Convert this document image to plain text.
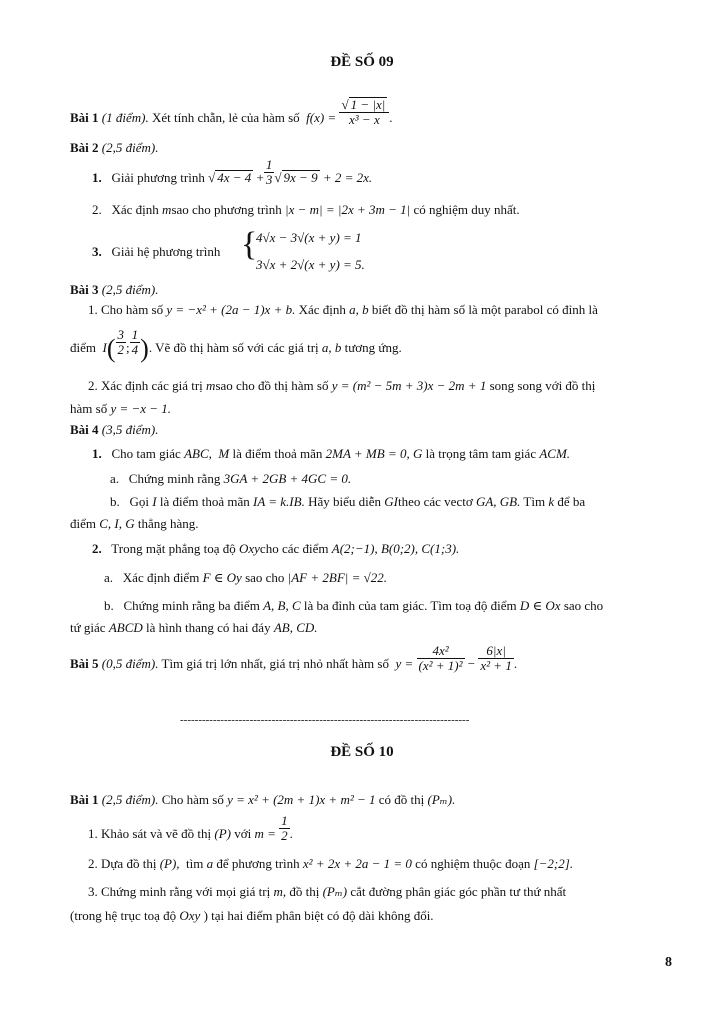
ĐỀ SỐ 09
Bài 1 (1 điểm). Xét tính chẵn, lẻ của hàm số $f(x) = \frac{√ 1 - |x|}{\text{x³ − x}}$ .
Bài 2 (2,5 điểm).
1. Giải phương trình √ $4x - 4 + \frac{1}{3}$ √ 9x − 9 + 2 = 2x.
2. Xác định msao cho phương trình |x − m| = |2x + 3m − 1| có nghiệm duy nhất.
3. Giải hệ phương trình {
4√x − 3√(x + y) = 1
3√x + 2√(x + y) = 5.
Bài 3 (2,5 điểm).
1. Cho hàm số y = −x² + (2a − 1)x + b. Xác định a, b biết đồ thị hàm số là một parabol có đỉnh là
điểm $I( \frac{3}{2}$ ; $\frac{1}{4}$ ). Vẽ đồ thị hàm số với các giá trị a, b tương ứng.
2. Xác định các giá trị msao cho đồ thị hàm số y = (m² − 5m + 3)x − 2m + 1 song song với đồ thị
hàm số y = −x − 1.
Bài 4 (3,5 điểm).
1. Cho tam giác ABC, M là điểm thoả mãn 2MA + MB = 0, G là trọng tâm tam giác ACM.
a. Chứng minh rằng 3GA + 2GB + 4GC = 0.
b. Gọi I là điểm thoả mãn IA = k.IB. Hãy biểu diễn GItheo các vectơ GA, GB. Tìm k để ba
điểm C, I, G thẳng hàng.
2. Trong mặt phẳng toạ độ Oxycho các điểm A(2;−1), B(0;2), C(1;3).
a. Xác định điểm F ∈ Oy sao cho |AF + 2BF| = √22.
b. Chứng minh rằng ba điểm A, B, C là ba đỉnh của tam giác. Tìm toạ độ điểm D ∈ Ox sao cho
tứ giác ABCD là hình thang có hai đáy AB, CD.
Bài 5 (0,5 điểm). Tìm giá trị lớn nhất, giá trị nhỏ nhất hàm số $y = \frac{\text{4x²}}{\text{(x² + 1)²}} - \frac{6|x|}{\text{x² + 1}}$ .
-------------------------------------------------------------------------------
ĐỀ SỐ 10
Bài 1 (2,5 điểm). Cho hàm số y = x² + (2m + 1)x + m² − 1 có đồ thị (Pₘ).
1. Khảo sát và vẽ đồ thị (P) với $m = \frac{1}{2}$ .
2. Dựa đồ thị (P), tìm a để phương trình x² + 2x + 2a − 1 = 0 có nghiệm thuộc đoạn [−2;2].
3. Chứng minh rằng với mọi giá trị m, đồ thị (Pₘ) cắt đường phân giác góc phần tư thứ nhất
(trong hệ trục toạ độ Oxy ) tại hai điểm phân biệt có độ dài không đổi.
8
